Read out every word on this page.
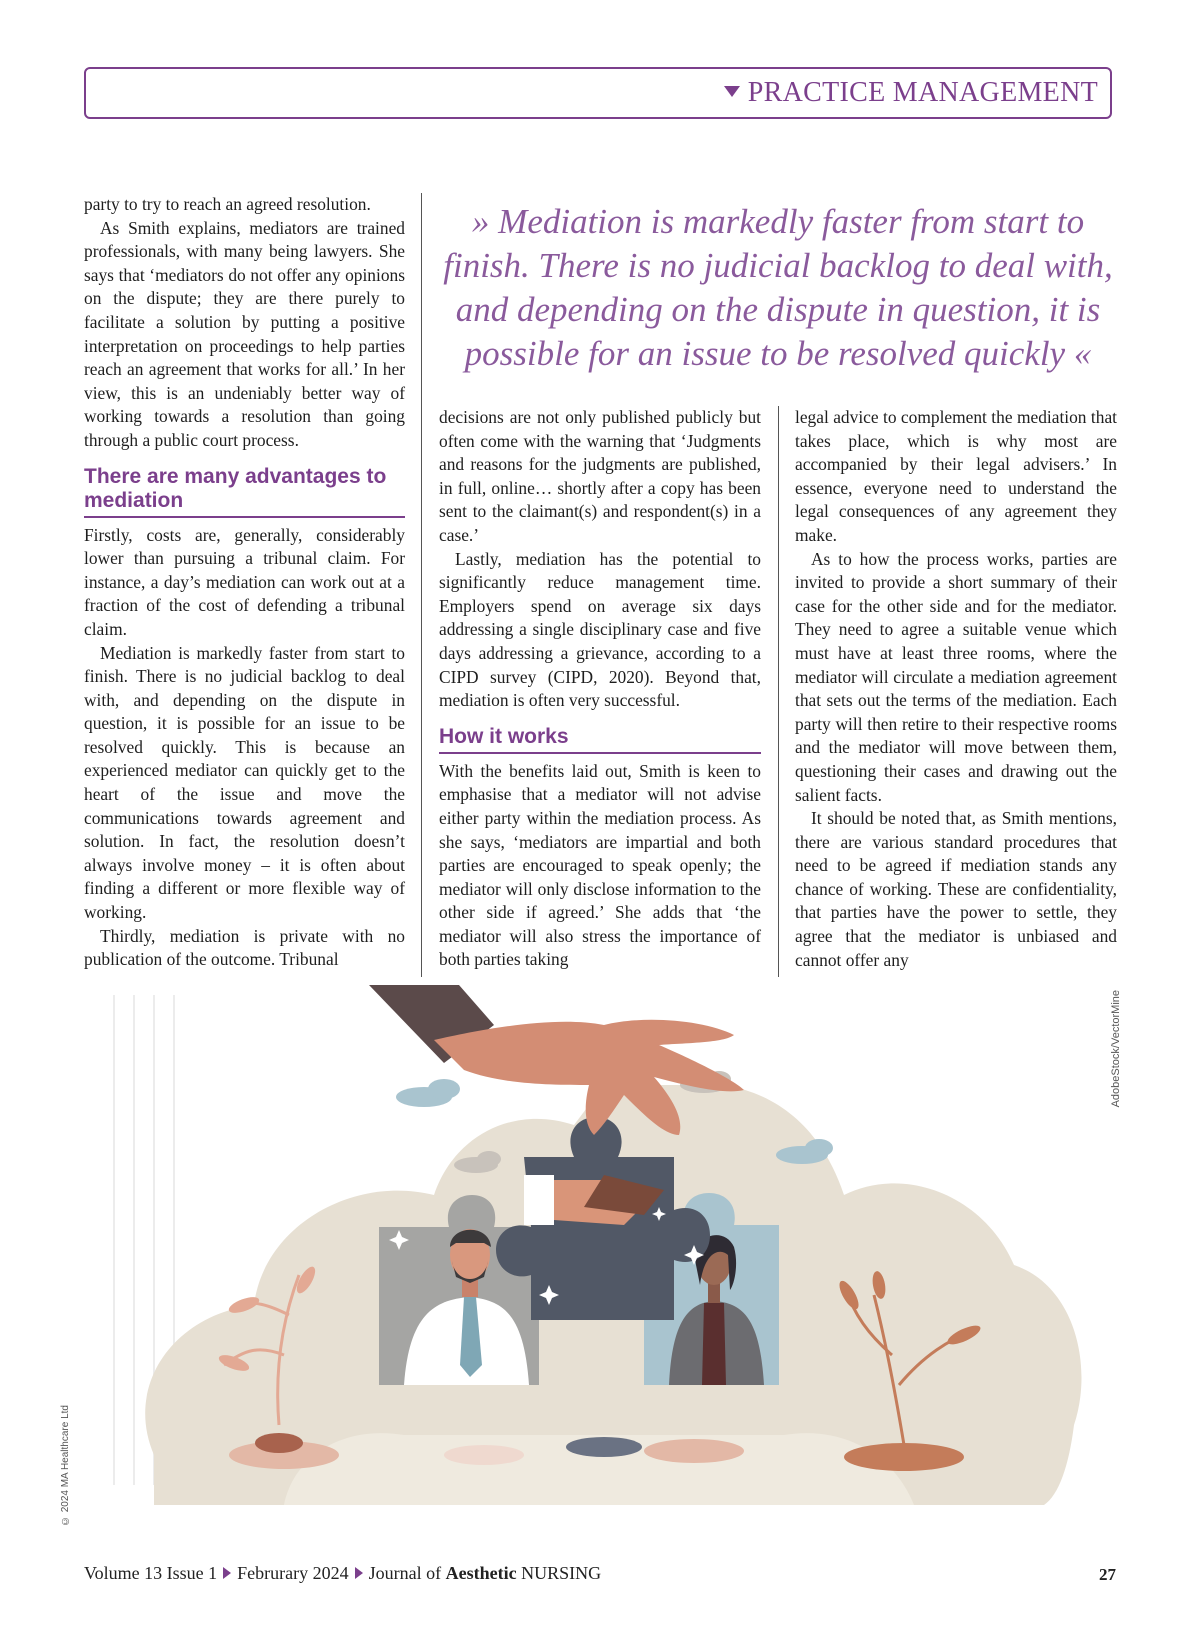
PRACTICE MANAGEMENT

party to try to reach an agreed resolution.

As Smith explains, mediators are trained professionals, with many being lawyers. She says that ‘mediators do not offer any opinions on the dispute; they are there purely to facilitate a solution by putting a positive interpretation on proceedings to help parties reach an agreement that works for all.’ In her view, this is an undeniably better way of working towards a resolution than going through a public court process.

There are many advantages to mediation

Firstly, costs are, generally, considerably lower than pursuing a tribunal claim. For instance, a day’s mediation can work out at a fraction of the cost of defending a tribunal claim.

Mediation is markedly faster from start to finish. There is no judicial backlog to deal with, and depending on the dispute in question, it is possible for an issue to be resolved quickly. This is because an experienced mediator can quickly get to the heart of the issue and move the communications towards agreement and solution. In fact, the resolution doesn’t always involve money – it is often about finding a different or more flexible way of working.

Thirdly, mediation is private with no publication of the outcome. Tribunal

» Mediation is markedly faster from start to finish. There is no judicial backlog to deal with, and depending on the dispute in question, it is possible for an issue to be resolved quickly «

decisions are not only published publicly but often come with the warning that ‘Judgments and reasons for the judgments are published, in full, online… shortly after a copy has been sent to the claimant(s) and respondent(s) in a case.’

Lastly, mediation has the potential to significantly reduce management time. Employers spend on average six days addressing a single disciplinary case and five days addressing a grievance, according to a CIPD survey (CIPD, 2020). Beyond that, mediation is often very successful.

How it works

With the benefits laid out, Smith is keen to emphasise that a mediator will not advise either party within the mediation process. As she says, ‘mediators are impartial and both parties are encouraged to speak openly; the mediator will only disclose information to the other side if agreed.’ She adds that ‘the mediator will also stress the importance of both parties taking

legal advice to complement the mediation that takes place, which is why most are accompanied by their legal advisers.’ In essence, everyone need to understand the legal consequences of any agreement they make.

As to how the process works, parties are invited to provide a short summary of their case for the other side and for the mediator. They need to agree a suitable venue which must have at least three rooms, where the mediator will circulate a mediation agreement that sets out the terms of the mediation. Each party will then retire to their respective rooms and the mediator will move between them, questioning their cases and drawing out the salient facts.

It should be noted that, as Smith mentions, there are various standard procedures that need to be agreed if mediation stands any chance of working. These are confidentiality, that parties have the power to settle, they agree that the mediator is unbiased and cannot offer any

AdobeStock/VectorMine
© 2024 MA Healthcare Ltd
Volume 13 Issue 1 Februrary 2024 Journal of Aesthetic NURSING	27
